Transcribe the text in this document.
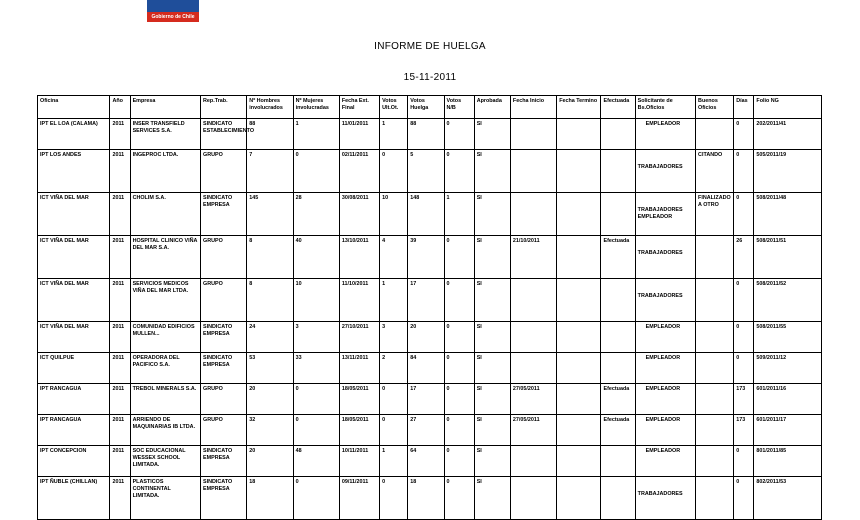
Gobierno de Chile
INFORME DE HUELGA
15-11-2011
Oficina	Año	Empresa	Rep.Trab.	Nº Hombres involucrados	Nº Mujeres involucradas	Fecha Ext. Final	Votos Ult.Ot.	Votos Huelga	Votos N/B	Aprobada	Fecha Inicio	Fecha Termino	Efectuada	Solicitante de Bs.Oficios	Buenos Oficios	Días	Folio NG
IPT EL LOA (CALAMA)	2011	INSER TRANSFIELD SERVICES S.A.	SINDICATO ESTABLECIMIENTO	88	1	11/01/2011	1	88	0	SI				EMPLEADOR		0	202/2011/41
IPT LOS ANDES	2011	INGEPROC LTDA.	GRUPO	7	0	02/11/2011	0	5	0	SI				TRABAJADORES	CITANDO	0	505/2011/19
ICT VIÑA DEL MAR	2011	CHOLIM S.A.	SINDICATO EMPRESA	145	28	30/08/2011	10	148	1	SI				TRABAJADORES EMPLEADOR	FINALIZADO A OTRO	0	508/2011/48
ICT VIÑA DEL MAR	2011	HOSPITAL CLINICO VIÑA DEL MAR S.A.	GRUPO	8	40	13/10/2011	4	39	0	SI	21/10/2011		Efectuada	TRABAJADORES		26	508/2011/51
ICT VIÑA DEL MAR	2011	SERVICIOS MEDICOS VIÑA DEL MAR LTDA.	GRUPO	8	10	11/10/2011	1	17	0	SI				TRABAJADORES		0	508/2011/52
ICT VIÑA DEL MAR	2011	COMUNIDAD EDIFICIOS MULLEN...	SINDICATO EMPRESA	24	3	27/10/2011	3	20	0	SI				EMPLEADOR		0	508/2011/55
ICT QUILPUE	2011	OPERADORA DEL PACIFICO S.A.	SINDICATO EMPRESA	53	33	13/11/2011	2	84	0	SI				EMPLEADOR		0	509/2011/12
IPT RANCAGUA	2011	TREBOL MINERALS S.A.	GRUPO	20	0	18/05/2011	0	17	0	SI	27/05/2011		Efectuada	EMPLEADOR		173	601/2011/16
IPT RANCAGUA	2011	ARRIENDO DE MAQUINARIAS IB LTDA.	GRUPO	32	0	18/05/2011	0	27	0	SI	27/05/2011		Efectuada	EMPLEADOR		173	601/2011/17
IPT CONCEPCION	2011	SOC EDUCACIONAL WESSEX SCHOOL LIMITADA.	SINDICATO EMPRESA	20	48	10/11/2011	1	64	0	SI				EMPLEADOR		0	801/2011/85
IPT ÑUBLE (CHILLAN)	2011	PLASTICOS CONTINENTAL LIMITADA.	SINDICATO EMPRESA	18	0	09/11/2011	0	18	0	SI				TRABAJADORES		0	802/2011/53
